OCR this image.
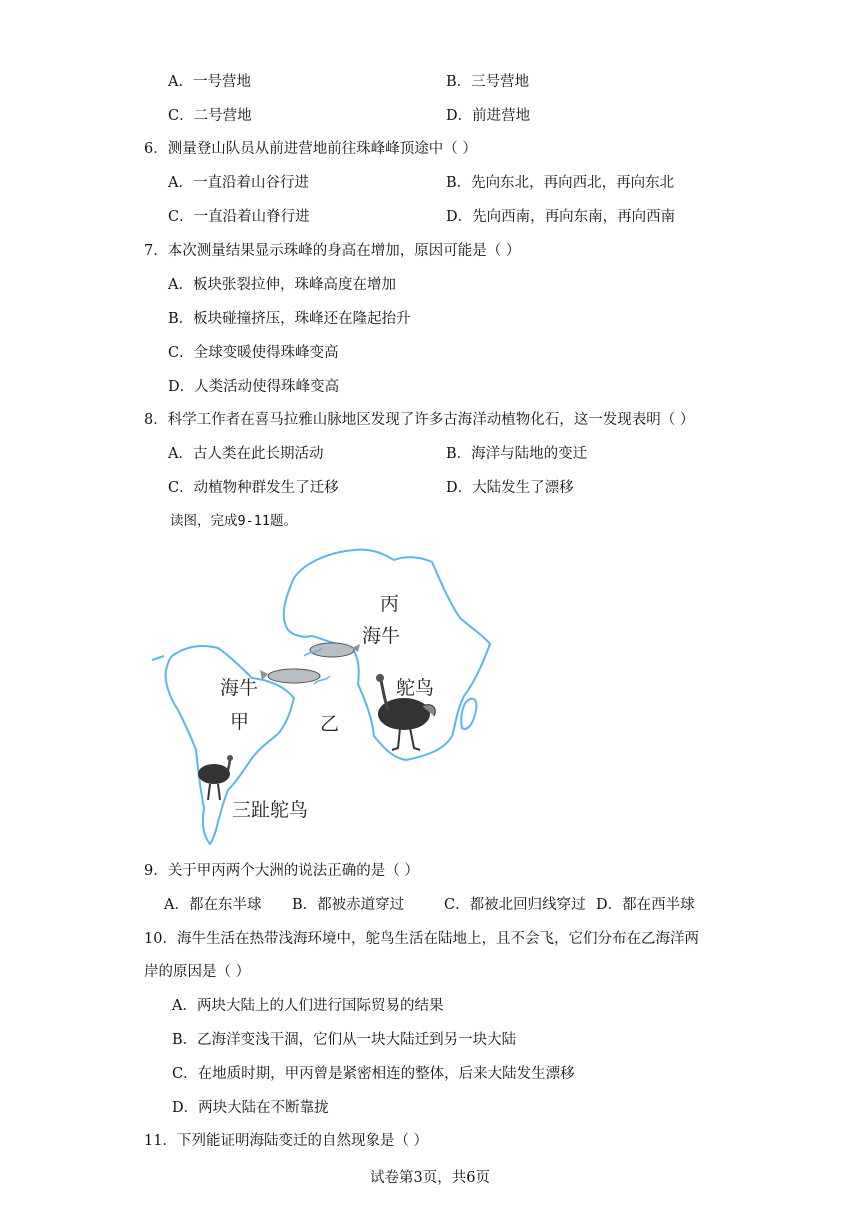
A．一号营地	B．三号营地
C．二号营地	D．前进营地
6．测量登山队员从前进营地前往珠峰峰顶途中（ ）
A．一直沿着山谷行进	B．先向东北，再向西北，再向东北
C．一直沿着山脊行进	D．先向西南，再向东南，再向西南
7．本次测量结果显示珠峰的身高在增加，原因可能是（ ）
A．板块张裂拉伸，珠峰高度在增加
B．板块碰撞挤压，珠峰还在隆起抬升
C．全球变暖使得珠峰变高
D．人类活动使得珠峰变高
8．科学工作者在喜马拉雅山脉地区发现了许多古海洋动植物化石，这一发现表明（ ）
A．古人类在此长期活动	B．海洋与陆地的变迁
C．动植物种群发生了迁移	D．大陆发生了漂移
读图，完成9-11题。
丙
海牛
鸵鸟
海牛
甲	乙
三趾鸵鸟
9．关于甲丙两个大洲的说法正确的是（ ）
A．都在东半球 B．都被赤道穿过	C．都被北回归线穿过 D．都在西半球
10．海牛生活在热带浅海环境中，鸵鸟生活在陆地上，且不会飞，它们分布在乙海洋两
岸的原因是（ ）
A．两块大陆上的人们进行国际贸易的结果
B．乙海洋变浅干涸，它们从一块大陆迁到另一块大陆
C．在地质时期，甲丙曾是紧密相连的整体，后来大陆发生漂移
D．两块大陆在不断靠拢
11．下列能证明海陆变迁的自然现象是（ ）
试卷第3页，共6页
